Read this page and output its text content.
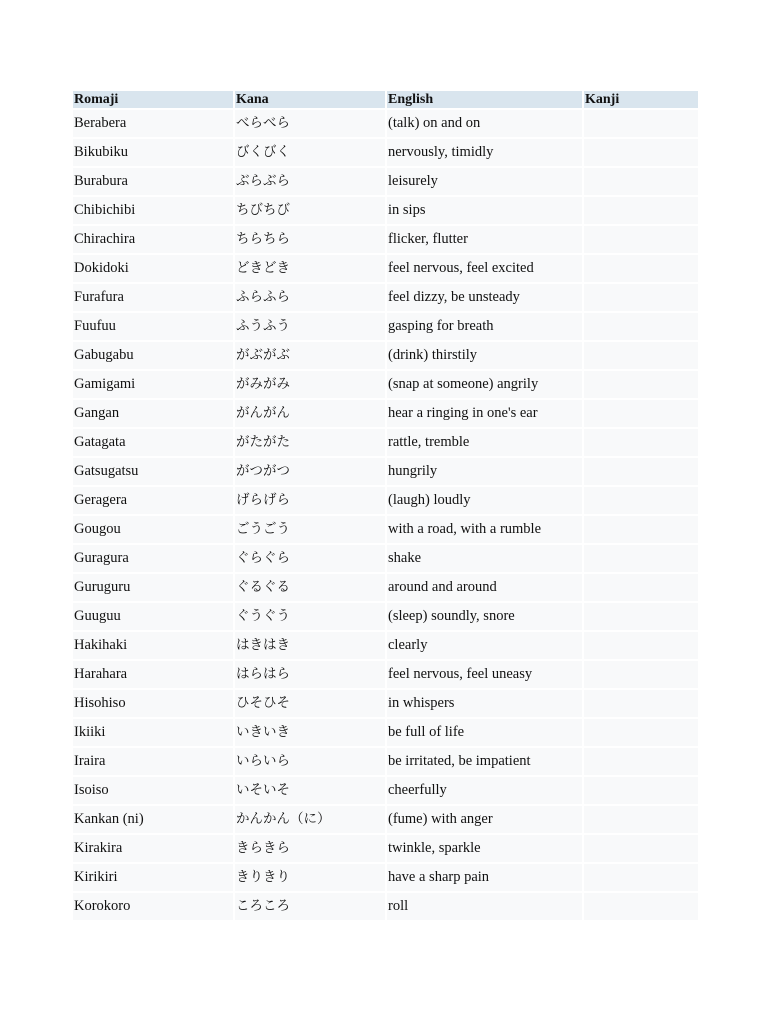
Romaji	Kana	English	Kanji
Berabera	べらべら	(talk) on and on	
Bikubiku	びくびく	nervously, timidly	
Burabura	ぶらぶら	leisurely	
Chibichibi	ちびちび	in sips	
Chirachira	ちらちら	flicker, flutter	
Dokidoki	どきどき	feel nervous, feel excited	
Furafura	ふらふら	feel dizzy, be unsteady	
Fuufuu	ふうふう	gasping for breath	
Gabugabu	がぶがぶ	(drink) thirstily	
Gamigami	がみがみ	(snap at someone) angrily	
Gangan	がんがん	hear a ringing in one's ear	
Gatagata	がたがた	rattle, tremble	
Gatsugatsu	がつがつ	hungrily	
Geragera	げらげら	(laugh) loudly	
Gougou	ごうごう	with a road, with a rumble	
Guragura	ぐらぐら	shake	
Guruguru	ぐるぐる	around and around	
Guuguu	ぐうぐう	(sleep) soundly, snore	
Hakihaki	はきはき	clearly	
Harahara	はらはら	feel nervous, feel uneasy	
Hisohiso	ひそひそ	in whispers	
Ikiiki	いきいき	be full of life	
Iraira	いらいら	be irritated, be impatient	
Isoiso	いそいそ	cheerfully	
Kankan (ni)	かんかん（に）	(fume) with anger	
Kirakira	きらきら	twinkle, sparkle	
Kirikiri	きりきり	have a sharp pain	
Korokoro	ころころ	roll	
